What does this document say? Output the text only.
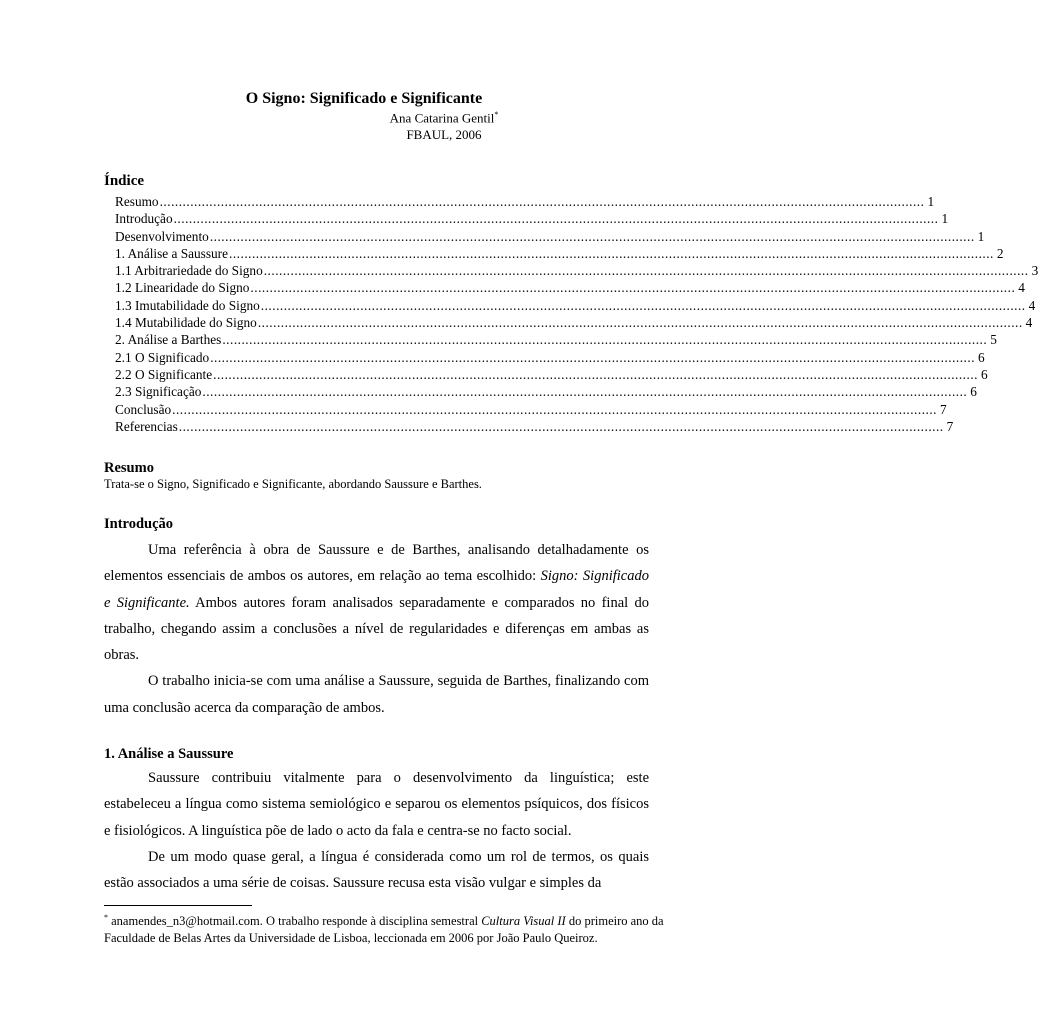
O Signo: Significado e Significante
Ana Catarina Gentil*
FBAUL, 2006
Índice
Resumo ........................................................................................................................................................................................................ 1
Introdução ........................................................................................................................................................................................................ 1
Desenvolvimento ........................................................................................................................................................................................................ 1
1. Análise a Saussure ........................................................................................................................................................................................................ 2
1.1 Arbitrariedade do Signo ........................................................................................................................................................................................................ 3
1.2 Linearidade do Signo ........................................................................................................................................................................................................ 4
1.3 Imutabilidade do Signo ........................................................................................................................................................................................................ 4
1.4 Mutabilidade do Signo ........................................................................................................................................................................................................ 4
2. Análise a Barthes ........................................................................................................................................................................................................ 5
2.1 O Significado ........................................................................................................................................................................................................ 6
2.2 O Significante ........................................................................................................................................................................................................ 6
2.3 Significação ........................................................................................................................................................................................................ 6
Conclusão ........................................................................................................................................................................................................ 7
Referencias ........................................................................................................................................................................................................ 7
Resumo
Trata-se o Signo, Significado e Significante, abordando Saussure e Barthes.
Introdução

Uma referência à obra de Saussure e de Barthes, analisando detalhadamente os elementos essenciais de ambos os autores, em relação ao tema escolhido: Signo: Significado e Significante. Ambos autores foram analisados separadamente e comparados no final do trabalho, chegando assim a conclusões a nível de regularidades e diferenças em ambas as obras.

O trabalho inicia-se com uma análise a Saussure, seguida de Barthes, finalizando com uma conclusão acerca da comparação de ambos.

1. Análise a Saussure

Saussure contribuiu vitalmente para o desenvolvimento da linguística; este estabeleceu a língua como sistema semiológico e separou os elementos psíquicos, dos físicos e fisiológicos. A linguística põe de lado o acto da fala e centra-se no facto social.

De um modo quase geral, a língua é considerada como um rol de termos, os quais estão associados a uma série de coisas. Saussure recusa esta visão vulgar e simples da

* anamendes_n3@hotmail.com. O trabalho responde à disciplina semestral Cultura Visual II do primeiro ano da Faculdade de Belas Artes da Universidade de Lisboa, leccionada em 2006 por João Paulo Queiroz.
